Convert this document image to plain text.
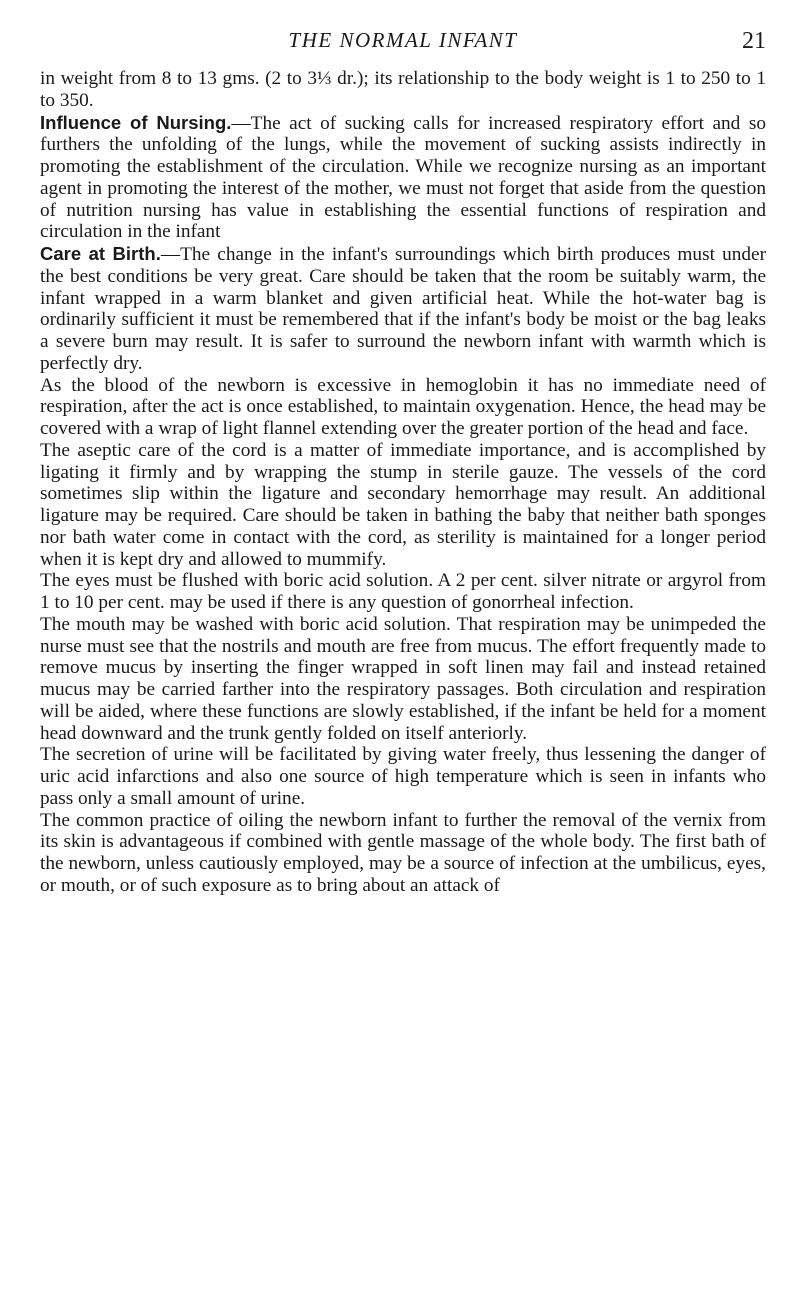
THE NORMAL INFANT	21

in weight from 8 to 13 gms. (2 to 3⅓ dr.); its relationship to the body weight is 1 to 250 to 1 to 350.

Influence of Nursing.—The act of sucking calls for increased respiratory effort and so furthers the unfolding of the lungs, while the movement of sucking assists indirectly in promoting the establishment of the circulation. While we recognize nursing as an important agent in promoting the interest of the mother, we must not forget that aside from the question of nutrition nursing has value in establishing the essential functions of respiration and circulation in the infant

Care at Birth.—The change in the infant's surroundings which birth produces must under the best conditions be very great. Care should be taken that the room be suitably warm, the infant wrapped in a warm blanket and given artificial heat. While the hot-water bag is ordinarily sufficient it must be remembered that if the infant's body be moist or the bag leaks a severe burn may result. It is safer to surround the newborn infant with warmth which is perfectly dry.

As the blood of the newborn is excessive in hemoglobin it has no immediate need of respiration, after the act is once established, to maintain oxygenation. Hence, the head may be covered with a wrap of light flannel extending over the greater portion of the head and face.

The aseptic care of the cord is a matter of immediate importance, and is accomplished by ligating it firmly and by wrapping the stump in sterile gauze. The vessels of the cord sometimes slip within the ligature and secondary hemorrhage may result. An additional ligature may be required. Care should be taken in bathing the baby that neither bath sponges nor bath water come in contact with the cord, as sterility is maintained for a longer period when it is kept dry and allowed to mummify.

The eyes must be flushed with boric acid solution. A 2 per cent. silver nitrate or argyrol from 1 to 10 per cent. may be used if there is any question of gonorrheal infection.

The mouth may be washed with boric acid solution. That respiration may be unimpeded the nurse must see that the nostrils and mouth are free from mucus. The effort frequently made to remove mucus by inserting the finger wrapped in soft linen may fail and instead retained mucus may be carried farther into the respiratory passages. Both circulation and respiration will be aided, where these functions are slowly established, if the infant be held for a moment head downward and the trunk gently folded on itself anteriorly.

The secretion of urine will be facilitated by giving water freely, thus lessening the danger of uric acid infarctions and also one source of high temperature which is seen in infants who pass only a small amount of urine.

The common practice of oiling the newborn infant to further the removal of the vernix from its skin is advantageous if combined with gentle massage of the whole body. The first bath of the newborn, unless cautiously employed, may be a source of infection at the umbilicus, eyes, or mouth, or of such exposure as to bring about an attack of
